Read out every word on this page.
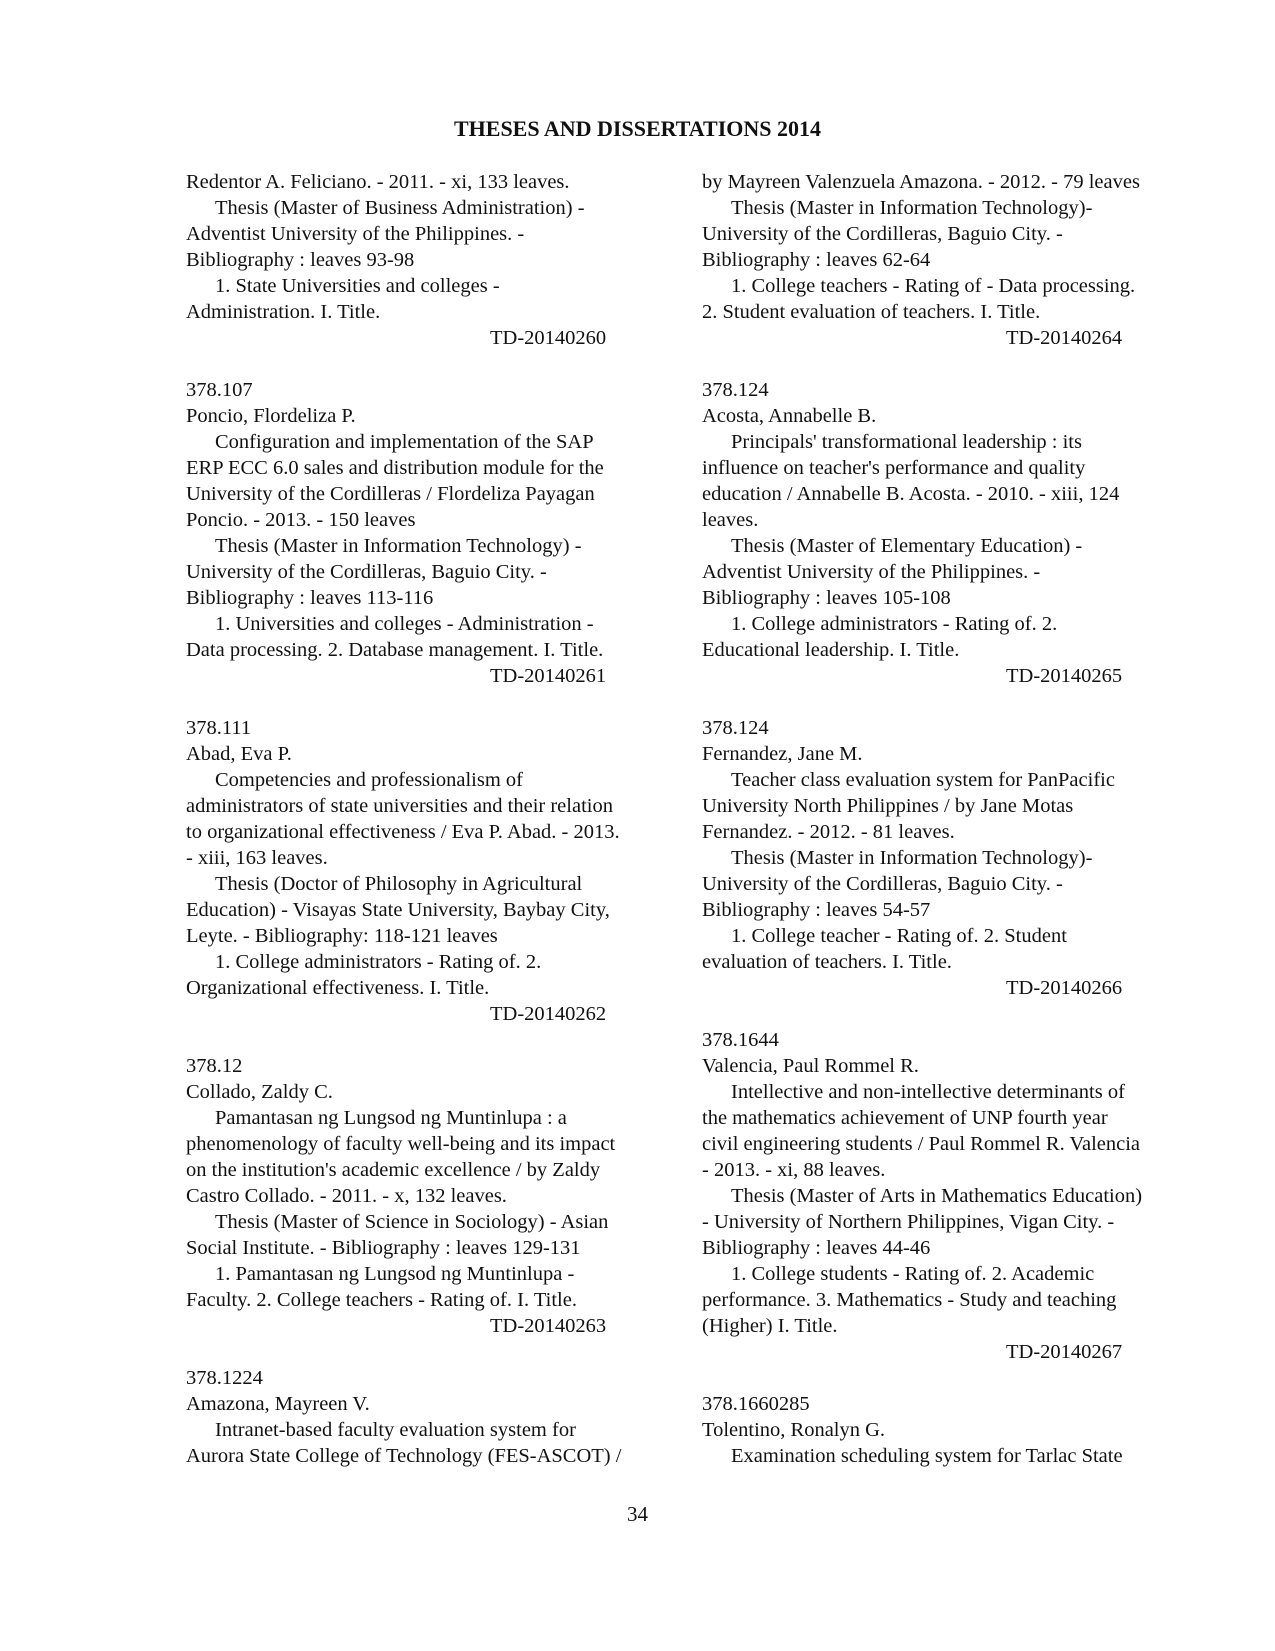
THESES AND DISSERTATIONS 2014
Redentor A. Feliciano. - 2011. - xi, 133 leaves.
Thesis (Master of Business Administration) -
Adventist University of the Philippines. -
Bibliography : leaves 93-98
1. State Universities and colleges -
Administration. I. Title.
TD-20140260
378.107
Poncio, Flordeliza P.
Configuration and implementation of the SAP
ERP ECC 6.0 sales and distribution module for the
University of the Cordilleras / Flordeliza Payagan
Poncio. - 2013. - 150 leaves
Thesis (Master in Information Technology) -
University of the Cordilleras, Baguio City. -
Bibliography : leaves 113-116
1. Universities and colleges - Administration -
Data processing. 2. Database management. I. Title.
TD-20140261
378.111
Abad, Eva P.
Competencies and professionalism of
administrators of state universities and their relation
to organizational effectiveness / Eva P. Abad. - 2013.
- xiii, 163 leaves.
Thesis (Doctor of Philosophy in Agricultural
Education) - Visayas State University, Baybay City,
Leyte. - Bibliography: 118-121 leaves
1. College administrators - Rating of. 2.
Organizational effectiveness. I. Title.
TD-20140262
378.12
Collado, Zaldy C.
Pamantasan ng Lungsod ng Muntinlupa : a
phenomenology of faculty well-being and its impact
on the institution's academic excellence / by Zaldy
Castro Collado. - 2011. - x, 132 leaves.
Thesis (Master of Science in Sociology) - Asian
Social Institute. - Bibliography : leaves 129-131
1. Pamantasan ng Lungsod ng Muntinlupa -
Faculty. 2. College teachers - Rating of. I. Title.
TD-20140263
378.1224
Amazona, Mayreen V.
Intranet-based faculty evaluation system for
Aurora State College of Technology (FES-ASCOT) /
by Mayreen Valenzuela Amazona. - 2012. - 79 leaves
Thesis (Master in Information Technology)-
University of the Cordilleras, Baguio City. -
Bibliography : leaves 62-64
1. College teachers - Rating of - Data processing.
2. Student evaluation of teachers. I. Title.
TD-20140264
378.124
Acosta, Annabelle B.
Principals' transformational leadership : its
influence on teacher's performance and quality
education / Annabelle B. Acosta. - 2010. - xiii, 124
leaves.
Thesis (Master of Elementary Education) -
Adventist University of the Philippines. -
Bibliography : leaves 105-108
1. College administrators - Rating of. 2.
Educational leadership. I. Title.
TD-20140265
378.124
Fernandez, Jane M.
Teacher class evaluation system for PanPacific
University North Philippines / by Jane Motas
Fernandez. - 2012. - 81 leaves.
Thesis (Master in Information Technology)-
University of the Cordilleras, Baguio City. -
Bibliography : leaves 54-57
1. College teacher - Rating of. 2. Student
evaluation of teachers. I. Title.
TD-20140266
378.1644
Valencia, Paul Rommel R.
Intellective and non-intellective determinants of
the mathematics achievement of UNP fourth year
civil engineering students / Paul Rommel R. Valencia
- 2013. - xi, 88 leaves.
Thesis (Master of Arts in Mathematics Education)
- University of Northern Philippines, Vigan City. -
Bibliography : leaves 44-46
1. College students - Rating of. 2. Academic
performance. 3. Mathematics - Study and teaching
(Higher) I. Title.
TD-20140267
378.1660285
Tolentino, Ronalyn G.
Examination scheduling system for Tarlac State
34
